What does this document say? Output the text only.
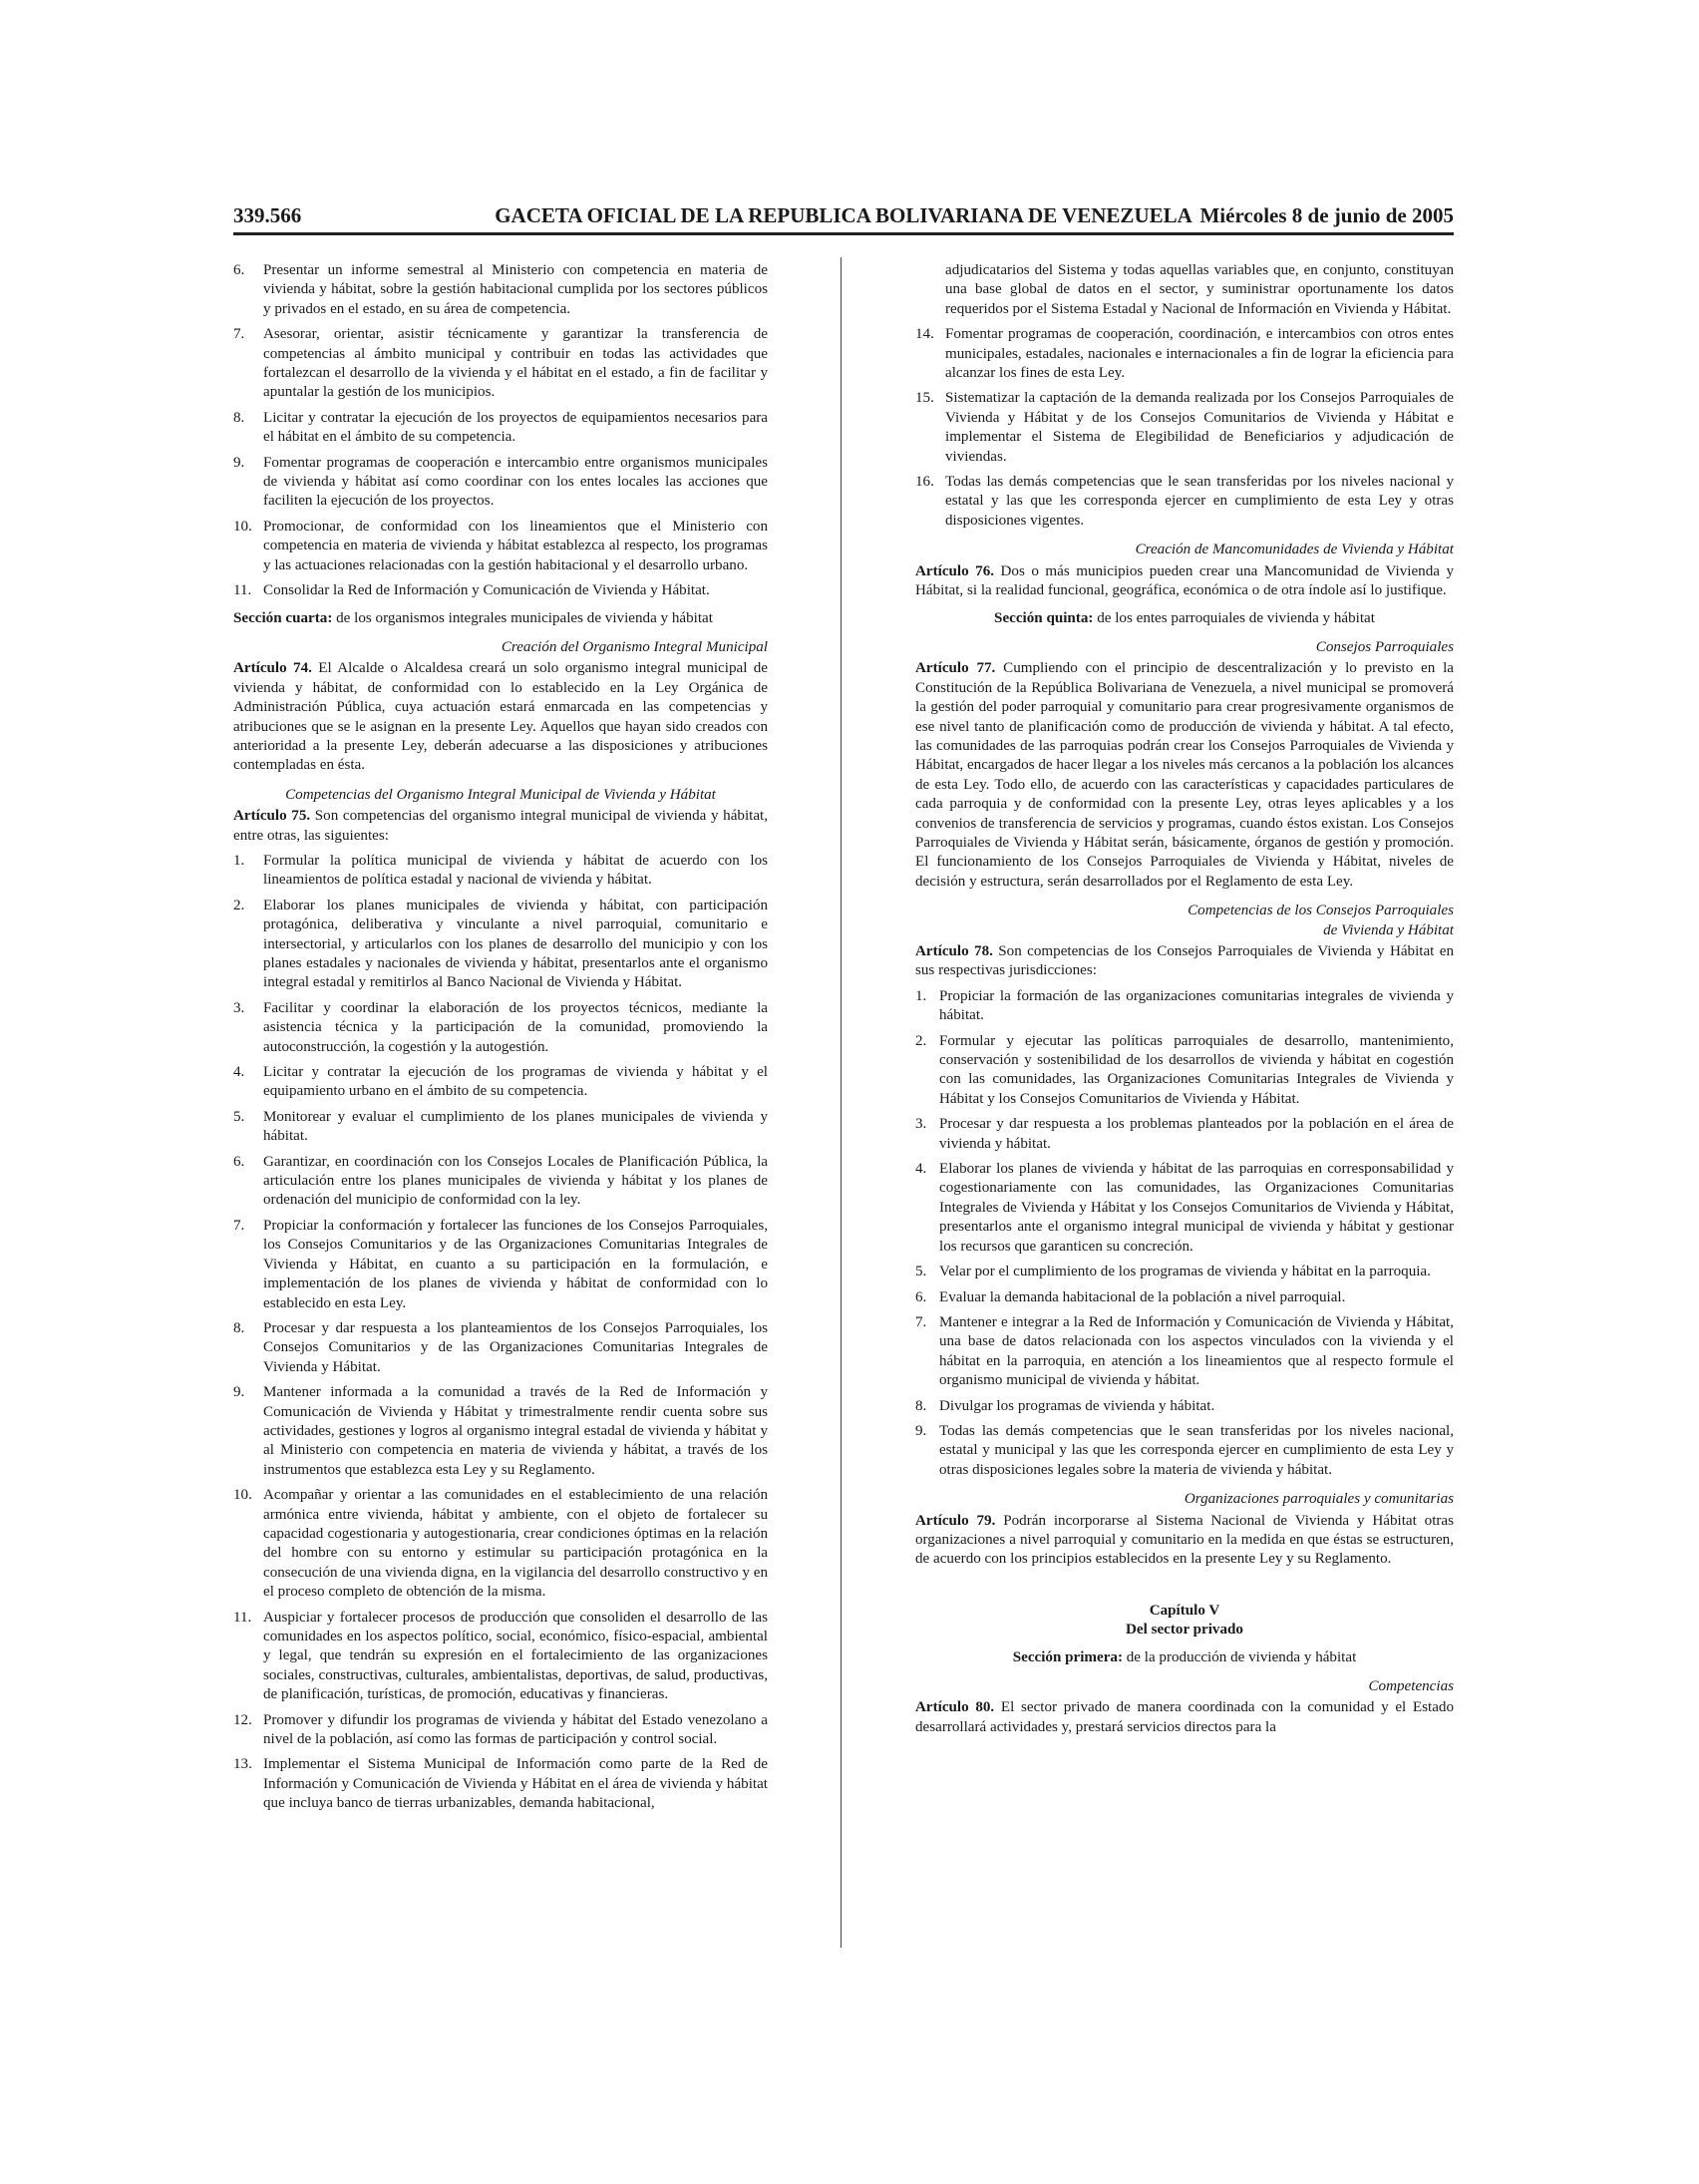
339.566	GACETA OFICIAL DE LA REPUBLICA BOLIVARIANA DE VENEZUELA Miércoles 8 de junio de 2005
6.	Presentar un informe semestral al Ministerio con competencia en materia de vivienda y hábitat, sobre la gestión habitacional cumplida por los sectores públicos y privados en el estado, en su área de competencia.
7.	Asesorar, orientar, asistir técnicamente y garantizar la transferencia de competencias al ámbito municipal y contribuir en todas las actividades que fortalezcan el desarrollo de la vivienda y el hábitat en el estado, a fin de facilitar y apuntalar la gestión de los municipios.
8.	Licitar y contratar la ejecución de los proyectos de equipamientos necesarios para el hábitat en el ámbito de su competencia.
9.	Fomentar programas de cooperación e intercambio entre organismos municipales de vivienda y hábitat así como coordinar con los entes locales las acciones que faciliten la ejecución de los proyectos.
10. Promocionar, de conformidad con los lineamientos que el Ministerio con competencia en materia de vivienda y hábitat establezca al respecto, los programas y las actuaciones relacionadas con la gestión habitacional y el desarrollo urbano.
11. Consolidar la Red de Información y Comunicación de Vivienda y Hábitat.
Sección cuarta: de los organismos integrales municipales de vivienda y hábitat
Creación del Organismo Integral Municipal
Artículo 74. El Alcalde o Alcaldesa creará un solo organismo integral municipal de vivienda y hábitat, de conformidad con lo establecido en la Ley Orgánica de Administración Pública, cuya actuación estará enmarcada en las competencias y atribuciones que se le asignan en la presente Ley. Aquellos que hayan sido creados con anterioridad a la presente Ley, deberán adecuarse a las disposiciones y atribuciones contempladas en ésta.
Competencias del Organismo Integral Municipal de Vivienda y Hábitat
Artículo 75. Son competencias del organismo integral municipal de vivienda y hábitat, entre otras, las siguientes:
1.	Formular la política municipal de vivienda y hábitat de acuerdo con los lineamientos de política estadal y nacional de vivienda y hábitat.
2.	Elaborar los planes municipales de vivienda y hábitat, con participación protagónica, deliberativa y vinculante a nivel parroquial, comunitario e intersectorial, y articularlos con los planes de desarrollo del municipio y con los planes estadales y nacionales de vivienda y hábitat, presentarlos ante el organismo integral estadal y remitirlos al Banco Nacional de Vivienda y Hábitat.
3.	Facilitar y coordinar la elaboración de los proyectos técnicos, mediante la asistencia técnica y la participación de la comunidad, promoviendo la autoconstrucción, la cogestión y la autogestión.
4.	Licitar y contratar la ejecución de los programas de vivienda y hábitat y el equipamiento urbano en el ámbito de su competencia.
5.	Monitorear y evaluar el cumplimiento de los planes municipales de vivienda y hábitat.
6.	Garantizar, en coordinación con los Consejos Locales de Planificación Pública, la articulación entre los planes municipales de vivienda y hábitat y los planes de ordenación del municipio de conformidad con la ley.
7.	Propiciar la conformación y fortalecer las funciones de los Consejos Parroquiales, los Consejos Comunitarios y de las Organizaciones Comunitarias Integrales de Vivienda y Hábitat, en cuanto a su participación en la formulación, e implementación de los planes de vivienda y hábitat de conformidad con lo establecido en esta Ley.
8.	Procesar y dar respuesta a los planteamientos de los Consejos Parroquiales, los Consejos Comunitarios y de las Organizaciones Comunitarias Integrales de Vivienda y Hábitat.
9.	Mantener informada a la comunidad a través de la Red de Información y Comunicación de Vivienda y Hábitat y trimestralmente rendir cuenta sobre sus actividades, gestiones y logros al organismo integral estadal de vivienda y hábitat y al Ministerio con competencia en materia de vivienda y hábitat, a través de los instrumentos que establezca esta Ley y su Reglamento.
10. Acompañar y orientar a las comunidades en el establecimiento de una relación armónica entre vivienda, hábitat y ambiente, con el objeto de fortalecer su capacidad cogestionaria y autogestionaria, crear condiciones óptimas en la relación del hombre con su entorno y estimular su participación protagónica en la consecución de una vivienda digna, en la vigilancia del desarrollo constructivo y en el proceso completo de obtención de la misma.
11. Auspiciar y fortalecer procesos de producción que consoliden el desarrollo de las comunidades en los aspectos político, social, económico, físico-espacial, ambiental y legal, que tendrán su expresión en el fortalecimiento de las organizaciones sociales, constructivas, culturales, ambientalistas, deportivas, de salud, productivas, de planificación, turísticas, de promoción, educativas y financieras.
12. Promover y difundir los programas de vivienda y hábitat del Estado venezolano a nivel de la población, así como las formas de participación y control social.
13. Implementar el Sistema Municipal de Información como parte de la Red de Información y Comunicación de Vivienda y Hábitat en el área de vivienda y hábitat que incluya banco de tierras urbanizables, demanda habitacional,
adjudicatarios del Sistema y todas aquellas variables que, en conjunto, constituyan una base global de datos en el sector, y suministrar oportunamente los datos requeridos por el Sistema Estadal y Nacional de Información en Vivienda y Hábitat.
14. Fomentar programas de cooperación, coordinación, e intercambios con otros entes municipales, estadales, nacionales e internacionales a fin de lograr la eficiencia para alcanzar los fines de esta Ley.
15. Sistematizar la captación de la demanda realizada por los Consejos Parroquiales de Vivienda y Hábitat y de los Consejos Comunitarios de Vivienda y Hábitat e implementar el Sistema de Elegibilidad de Beneficiarios y adjudicación de viviendas.
16. Todas las demás competencias que le sean transferidas por los niveles nacional y estatal y las que les corresponda ejercer en cumplimiento de esta Ley y otras disposiciones vigentes.
Creación de Mancomunidades de Vivienda y Hábitat
Artículo 76. Dos o más municipios pueden crear una Mancomunidad de Vivienda y Hábitat, si la realidad funcional, geográfica, económica o de otra índole así lo justifique.
Sección quinta: de los entes parroquiales de vivienda y hábitat
Consejos Parroquiales
Artículo 77. Cumpliendo con el principio de descentralización y lo previsto en la Constitución de la República Bolivariana de Venezuela, a nivel municipal se promoverá la gestión del poder parroquial y comunitario para crear progresivamente organismos de ese nivel tanto de planificación como de producción de vivienda y hábitat. A tal efecto, las comunidades de las parroquias podrán crear los Consejos Parroquiales de Vivienda y Hábitat, encargados de hacer llegar a los niveles más cercanos a la población los alcances de esta Ley. Todo ello, de acuerdo con las características y capacidades particulares de cada parroquia y de conformidad con la presente Ley, otras leyes aplicables y a los convenios de transferencia de servicios y programas, cuando éstos existan. Los Consejos Parroquiales de Vivienda y Hábitat serán, básicamente, órganos de gestión y promoción. El funcionamiento de los Consejos Parroquiales de Vivienda y Hábitat, niveles de decisión y estructura, serán desarrollados por el Reglamento de esta Ley.
Competencias de los Consejos Parroquiales
de Vivienda y Hábitat
Artículo 78. Son competencias de los Consejos Parroquiales de Vivienda y Hábitat en sus respectivas jurisdicciones:
1. Propiciar la formación de las organizaciones comunitarias integrales de vivienda y hábitat.
2. Formular y ejecutar las políticas parroquiales de desarrollo, mantenimiento, conservación y sostenibilidad de los desarrollos de vivienda y hábitat en cogestión con las comunidades, las Organizaciones Comunitarias Integrales de Vivienda y Hábitat y los Consejos Comunitarios de Vivienda y Hábitat.
3. Procesar y dar respuesta a los problemas planteados por la población en el área de vivienda y hábitat.
4. Elaborar los planes de vivienda y hábitat de las parroquias en corresponsabilidad y cogestionariamente con las comunidades, las Organizaciones Comunitarias Integrales de Vivienda y Hábitat y los Consejos Comunitarios de Vivienda y Hábitat, presentarlos ante el organismo integral municipal de vivienda y hábitat y gestionar los recursos que garanticen su concreción.
5. Velar por el cumplimiento de los programas de vivienda y hábitat en la parroquia.
6. Evaluar la demanda habitacional de la población a nivel parroquial.
7. Mantener e integrar a la Red de Información y Comunicación de Vivienda y Hábitat, una base de datos relacionada con los aspectos vinculados con la vivienda y el hábitat en la parroquia, en atención a los lineamientos que al respecto formule el organismo municipal de vivienda y hábitat.
8. Divulgar los programas de vivienda y hábitat.
9. Todas las demás competencias que le sean transferidas por los niveles nacional, estatal y municipal y las que les corresponda ejercer en cumplimiento de esta Ley y otras disposiciones legales sobre la materia de vivienda y hábitat.
Organizaciones parroquiales y comunitarias
Artículo 79. Podrán incorporarse al Sistema Nacional de Vivienda y Hábitat otras organizaciones a nivel parroquial y comunitario en la medida en que éstas se estructuren, de acuerdo con los principios establecidos en la presente Ley y su Reglamento.
Capítulo V
Del sector privado
Sección primera: de la producción de vivienda y hábitat
Competencias
Artículo 80. El sector privado de manera coordinada con la comunidad y el Estado desarrollará actividades y, prestará servicios directos para la
